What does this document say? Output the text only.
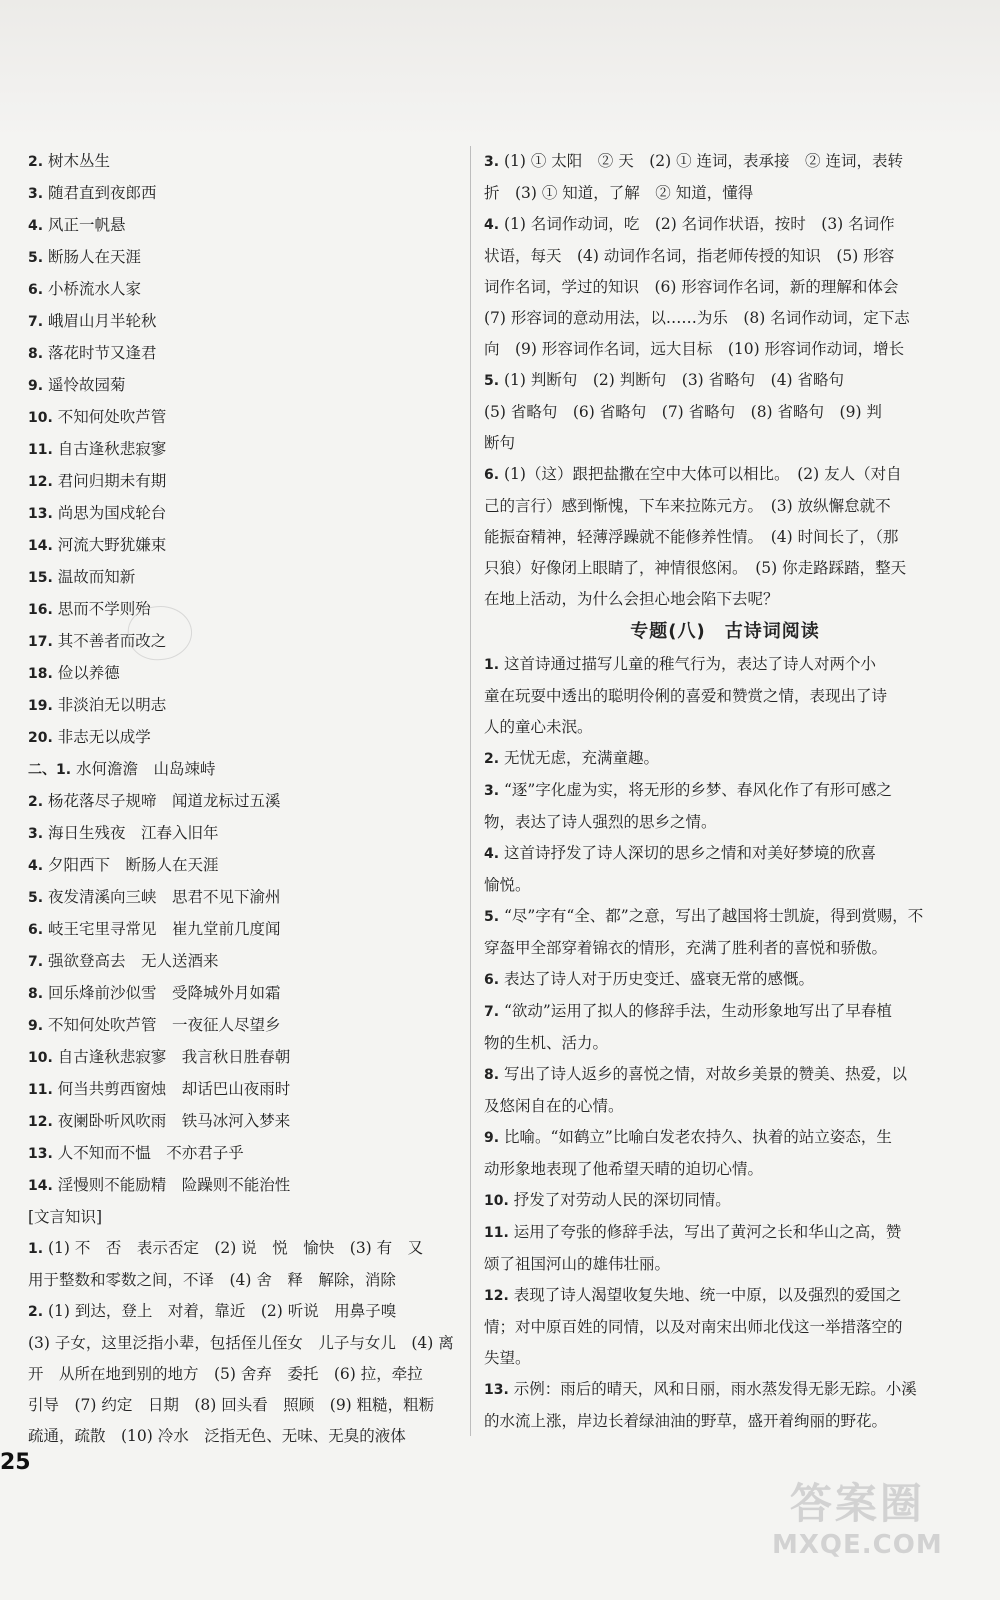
2. 树木丛生
3. 随君直到夜郎西
4. 风正一帆悬
5. 断肠人在天涯
6. 小桥流水人家
7. 峨眉山月半轮秋
8. 落花时节又逢君
9. 遥怜故园菊
10. 不知何处吹芦管
11. 自古逢秋悲寂寥
12. 君问归期未有期
13. 尚思为国戍轮台
14. 河流大野犹嫌束
15. 温故而知新
16. 思而不学则殆
17. 其不善者而改之
18. 俭以养德
19. 非淡泊无以明志
20. 非志无以成学
二、1. 水何澹澹　山岛竦峙
2. 杨花落尽子规啼　闻道龙标过五溪
3. 海日生残夜　江春入旧年
4. 夕阳西下　断肠人在天涯
5. 夜发清溪向三峡　思君不见下渝州
6. 岐王宅里寻常见　崔九堂前几度闻
7. 强欲登高去　无人送酒来
8. 回乐烽前沙似雪　受降城外月如霜
9. 不知何处吹芦管　一夜征人尽望乡
10. 自古逢秋悲寂寥　我言秋日胜春朝
11. 何当共剪西窗烛　却话巴山夜雨时
12. 夜阑卧听风吹雨　铁马冰河入梦来
13. 人不知而不愠　不亦君子乎
14. 淫慢则不能励精　险躁则不能治性
[文言知识]
1. (1) 不　否　表示否定　(2) 说　悦　愉快　(3) 有　又
用于整数和零数之间，不译　(4) 舍　释　解除，消除
2. (1) 到达，登上　对着，靠近　(2) 听说　用鼻子嗅
(3) 子女，这里泛指小辈，包括侄儿侄女　儿子与女儿　(4) 离
开　从所在地到别的地方　(5) 舍弃　委托　(6) 拉，牵拉
引导　(7) 约定　日期　(8) 回头看　照顾　(9) 粗糙，粗粝
疏通，疏散　(10) 冷水　泛指无色、无味、无臭的液体
3. (1) ① 太阳　② 天　(2) ① 连词，表承接　② 连词，表转
折　(3) ① 知道，了解　② 知道，懂得
4. (1) 名词作动词，吃　(2) 名词作状语，按时　(3) 名词作
状语，每天　(4) 动词作名词，指老师传授的知识　(5) 形容
词作名词，学过的知识　(6) 形容词作名词，新的理解和体会
(7) 形容词的意动用法，以……为乐　(8) 名词作动词，定下志
向　(9) 形容词作名词，远大目标　(10) 形容词作动词，增长
5. (1) 判断句　(2) 判断句　(3) 省略句　(4) 省略句
(5) 省略句　(6) 省略句　(7) 省略句　(8) 省略句　(9) 判
断句
6. (1)（这）跟把盐撒在空中大体可以相比。　(2) 友人（对自
己的言行）感到惭愧，下车来拉陈元方。　(3) 放纵懈怠就不
能振奋精神，轻薄浮躁就不能修养性情。　(4) 时间长了，（那
只狼）好像闭上眼睛了，神情很悠闲。　(5) 你走路踩踏，整天
在地上活动，为什么会担心地会陷下去呢？
专题(八)　古诗词阅读
1. 这首诗通过描写儿童的稚气行为，表达了诗人对两个小
童在玩耍中透出的聪明伶俐的喜爱和赞赏之情，表现出了诗
人的童心未泯。
2. 无忧无虑，充满童趣。
3. “逐”字化虚为实，将无形的乡梦、春风化作了有形可感之
物，表达了诗人强烈的思乡之情。
4. 这首诗抒发了诗人深切的思乡之情和对美好梦境的欣喜
愉悦。
5. “尽”字有“全、都”之意，写出了越国将士凯旋，得到赏赐，不
穿盔甲全部穿着锦衣的情形，充满了胜利者的喜悦和骄傲。
6. 表达了诗人对于历史变迁、盛衰无常的感慨。
7. “欲动”运用了拟人的修辞手法，生动形象地写出了早春植
物的生机、活力。
8. 写出了诗人返乡的喜悦之情，对故乡美景的赞美、热爱，以
及悠闲自在的心情。
9. 比喻。“如鹤立”比喻白发老农持久、执着的站立姿态，生
动形象地表现了他希望天晴的迫切心情。
10. 抒发了对劳动人民的深切同情。
11. 运用了夸张的修辞手法，写出了黄河之长和华山之高，赞
颂了祖国河山的雄伟壮丽。
12. 表现了诗人渴望收复失地、统一中原，以及强烈的爱国之
情；对中原百姓的同情，以及对南宋出师北伐这一举措落空的
失望。
13. 示例：雨后的晴天，风和日丽，雨水蒸发得无影无踪。小溪
的水流上涨，岸边长着绿油油的野草，盛开着绚丽的野花。
25
答案圈
MXQE.COM
